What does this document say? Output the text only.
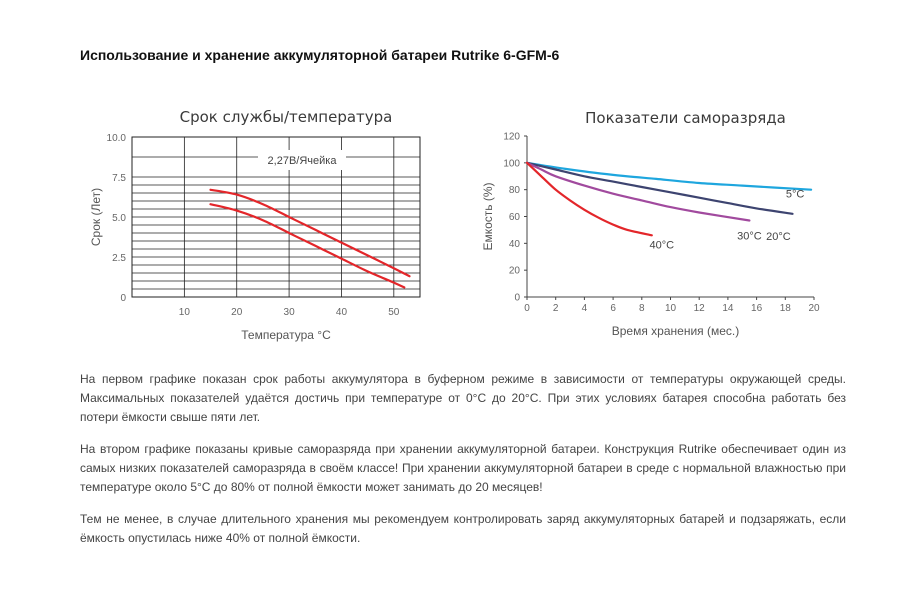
Использование и хранение аккумуляторной батареи Rutrike 6-GFM-6
Срок службы/температура
2,27В/Ячейка
10	20	30	40	50
0
2.5
5.0
7.5
10.0
Температура °С
Срок (Лет)
Показатели саморазряда
0
20
40
60
80
100
120
0 2 4 6 8 10 12 14 16 18 20
Время хранения (мес.)
Емкость (%)	5°С
20°С
30°С
40°С

На первом графике показан срок работы аккумулятора в буферном режиме в зависимости от температуры окружающей среды. Максимальных показателей удаётся достичь при температуре от 0°С до 20°С. При этих условиях батарея способна работать без потери ёмкости свыше пяти лет.

На втором графике показаны кривые саморазряда при хранении аккумуляторной батареи. Конструкция Rutrike обеспечивает один из самых низких показателей саморазряда в своём классе! При хранении аккумуляторной батареи в среде с нормальной влажностью при температуре около 5°С до 80% от полной ёмкости может занимать до 20 месяцев!

Тем не менее, в случае длительного хранения мы рекомендуем контролировать заряд аккумуляторных батарей и подзаряжать, если ёмкость опустилась ниже 40% от полной ёмкости.
